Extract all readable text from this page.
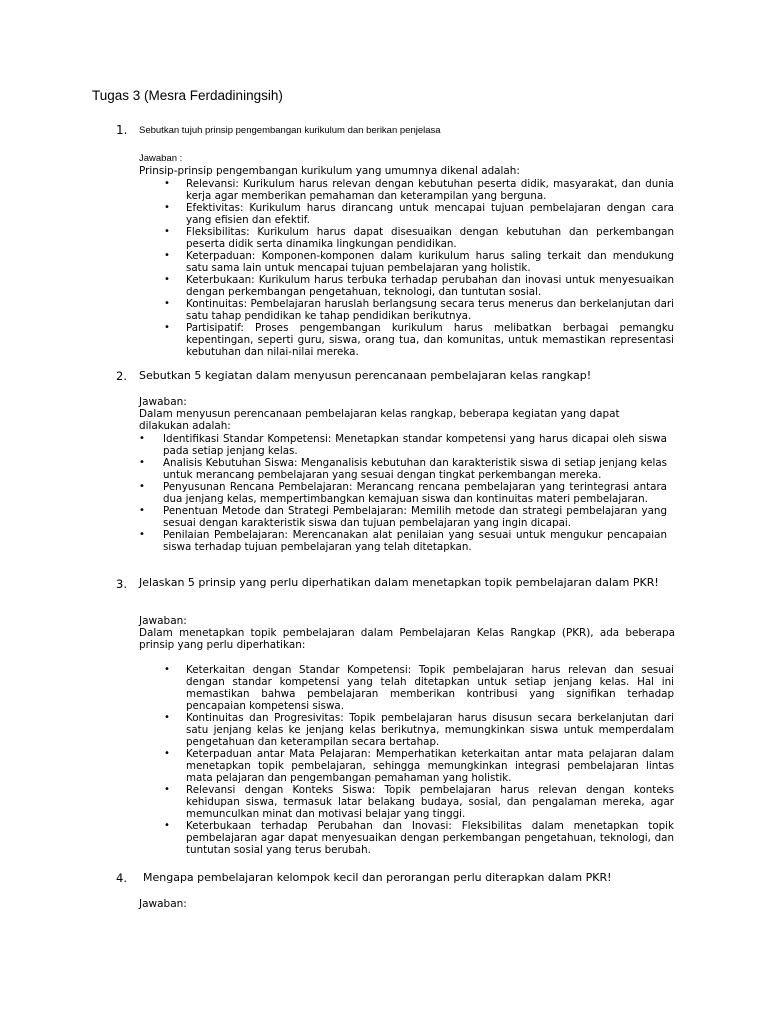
Tugas 3 (Mesra Ferdadiningsih)
1. Sebutkan tujuh prinsip pengembangan kurikulum dan berikan penjelasa
Jawaban :
Prinsip-prinsip pengembangan kurikulum yang umumnya dikenal adalah:
• Relevansi: Kurikulum harus relevan dengan kebutuhan peserta didik, masyarakat, dan dunia kerja agar memberikan pemahaman dan keterampilan yang berguna.
• Efektivitas: Kurikulum harus dirancang untuk mencapai tujuan pembelajaran dengan cara yang efisien dan efektif.
• Fleksibilitas: Kurikulum harus dapat disesuaikan dengan kebutuhan dan perkembangan peserta didik serta dinamika lingkungan pendidikan.
• Keterpaduan: Komponen-komponen dalam kurikulum harus saling terkait dan mendukung satu sama lain untuk mencapai tujuan pembelajaran yang holistik.
• Keterbukaan: Kurikulum harus terbuka terhadap perubahan dan inovasi untuk menyesuaikan dengan perkembangan pengetahuan, teknologi, dan tuntutan sosial.
• Kontinuitas: Pembelajaran haruslah berlangsung secara terus menerus dan berkelanjutan dari satu tahap pendidikan ke tahap pendidikan berikutnya.
• Partisipatif: Proses pengembangan kurikulum harus melibatkan berbagai pemangku kepentingan, seperti guru, siswa, orang tua, dan komunitas, untuk memastikan representasi kebutuhan dan nilai-nilai mereka.
2. Sebutkan 5 kegiatan dalam menyusun perencanaan pembelajaran kelas rangkap!
Jawaban:
Dalam menyusun perencanaan pembelajaran kelas rangkap, beberapa kegiatan yang dapat dilakukan adalah:
• Identifikasi Standar Kompetensi: Menetapkan standar kompetensi yang harus dicapai oleh siswa pada setiap jenjang kelas.
• Analisis Kebutuhan Siswa: Menganalisis kebutuhan dan karakteristik siswa di setiap jenjang kelas untuk merancang pembelajaran yang sesuai dengan tingkat perkembangan mereka.
• Penyusunan Rencana Pembelajaran: Merancang rencana pembelajaran yang terintegrasi antara dua jenjang kelas, mempertimbangkan kemajuan siswa dan kontinuitas materi pembelajaran.
• Penentuan Metode dan Strategi Pembelajaran: Memilih metode dan strategi pembelajaran yang sesuai dengan karakteristik siswa dan tujuan pembelajaran yang ingin dicapai.
• Penilaian Pembelajaran: Merencanakan alat penilaian yang sesuai untuk mengukur pencapaian siswa terhadap tujuan pembelajaran yang telah ditetapkan.
3. Jelaskan 5 prinsip yang perlu diperhatikan dalam menetapkan topik pembelajaran dalam PKR!
Jawaban:
Dalam menetapkan topik pembelajaran dalam Pembelajaran Kelas Rangkap (PKR), ada beberapa prinsip yang perlu diperhatikan:
• Keterkaitan dengan Standar Kompetensi: Topik pembelajaran harus relevan dan sesuai dengan standar kompetensi yang telah ditetapkan untuk setiap jenjang kelas. Hal ini memastikan bahwa pembelajaran memberikan kontribusi yang signifikan terhadap pencapaian kompetensi siswa.
• Kontinuitas dan Progresivitas: Topik pembelajaran harus disusun secara berkelanjutan dari satu jenjang kelas ke jenjang kelas berikutnya, memungkinkan siswa untuk memperdalam pengetahuan dan keterampilan secara bertahap.
• Keterpaduan antar Mata Pelajaran: Memperhatikan keterkaitan antar mata pelajaran dalam menetapkan topik pembelajaran, sehingga memungkinkan integrasi pembelajaran lintas mata pelajaran dan pengembangan pemahaman yang holistik.
• Relevansi dengan Konteks Siswa: Topik pembelajaran harus relevan dengan konteks kehidupan siswa, termasuk latar belakang budaya, sosial, dan pengalaman mereka, agar memunculkan minat dan motivasi belajar yang tinggi.
• Keterbukaan terhadap Perubahan dan Inovasi: Fleksibilitas dalam menetapkan topik pembelajaran agar dapat menyesuaikan dengan perkembangan pengetahuan, teknologi, dan tuntutan sosial yang terus berubah.
4. Mengapa pembelajaran kelompok kecil dan perorangan perlu diterapkan dalam PKR!
Jawaban:
